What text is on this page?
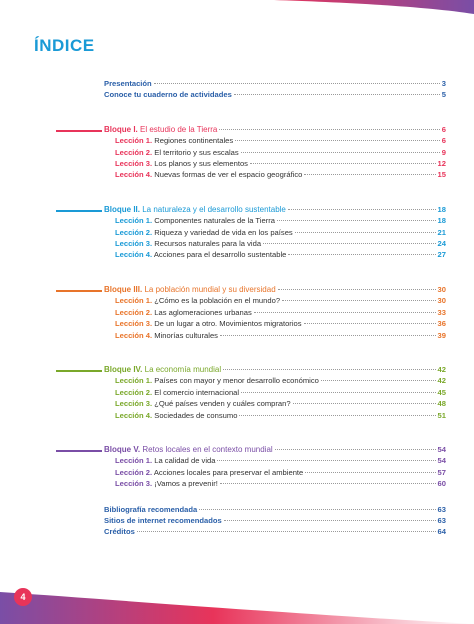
ÍNDICE
Presentación	3
Conoce tu cuaderno de actividades	5
Bloque I. El estudio de la Tierra	6
Lección 1. Regiones continentales	6
Lección 2. El territorio y sus escalas	9
Lección 3. Los planos y sus elementos	12
Lección 4. Nuevas formas de ver el espacio geográfico	15
Bloque II. La naturaleza y el desarrollo sustentable	18
Lección 1. Componentes naturales de la Tierra	18
Lección 2. Riqueza y variedad de vida en los países	21
Lección 3. Recursos naturales para la vida	24
Lección 4. Acciones para el desarrollo sustentable	27
Bloque III. La población mundial y su diversidad	30
Lección 1. ¿Cómo es la población en el mundo?	30
Lección 2. Las aglomeraciones urbanas	33
Lección 3. De un lugar a otro. Movimientos migratorios	36
Lección 4. Minorías culturales	39
Bloque IV. La economía mundial	42
Lección 1. Países con mayor y menor desarrollo económico	42
Lección 2. El comercio internacional	45
Lección 3. ¿Qué países venden y cuáles compran?	48
Lección 4. Sociedades de consumo	51
Bloque V. Retos locales en el contexto mundial	54
Lección 1. La calidad de vida	54
Lección 2. Acciones locales para preservar el ambiente	57
Lección 3. ¡Vamos a prevenir!	60
Bibliografía recomendada	63
Sitios de internet recomendados	63
Créditos	64
4
